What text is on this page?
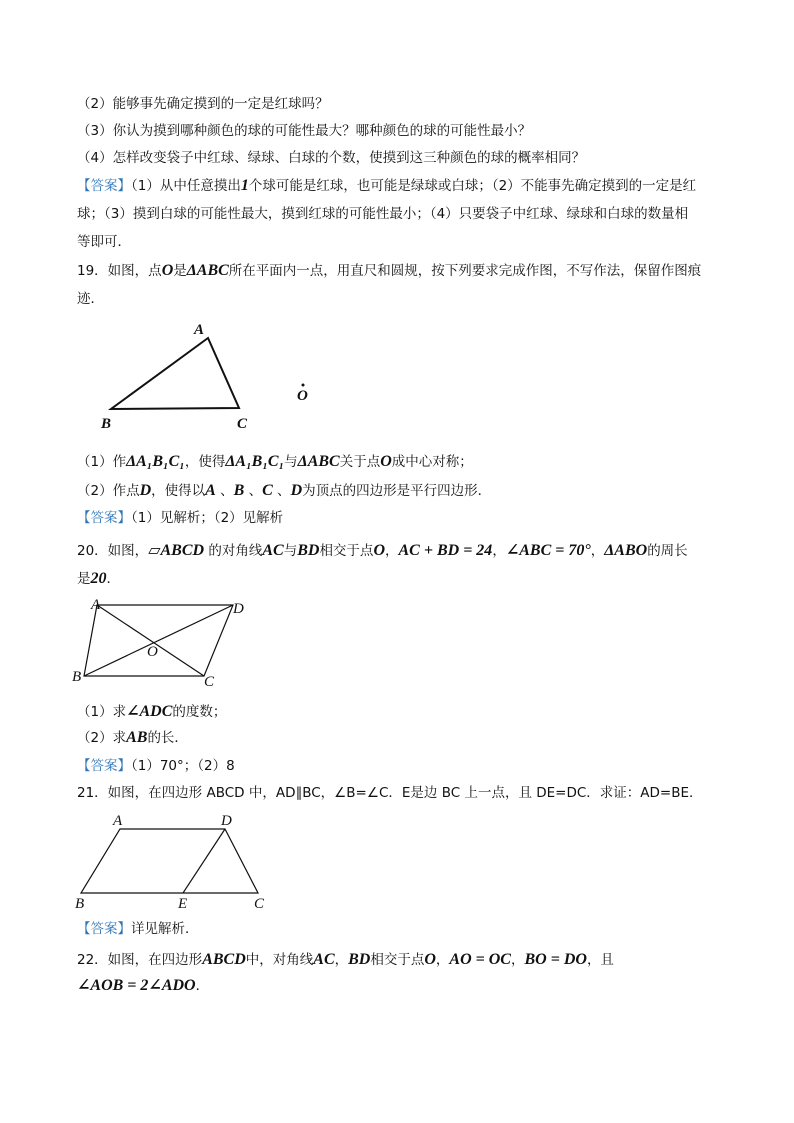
（2）能够事先确定摸到的一定是红球吗？
（3）你认为摸到哪种颜色的球的可能性最大？哪种颜色的球的可能性最小？
（4）怎样改变袋子中红球、绿球、白球的个数，使摸到这三种颜色的球的概率相同？
【答案】（1）从中任意摸出1个球可能是红球，也可能是绿球或白球；（2）不能事先确定摸到的一定是红
球；（3）摸到白球的可能性最大，摸到红球的可能性最小；（4）只要袋子中红球、绿球和白球的数量相
等即可．
19．如图，点O是ΔABC所在平面内一点，用直尺和圆规，按下列要求完成作图，不写作法，保留作图痕
迹．
（1）作ΔA₁B₁C₁，使得ΔA₁B₁C₁与ΔABC关于点O成中心对称；
（2）作点D，使得以A 、B 、C 、D为顶点的四边形是平行四边形．
【答案】（1）见解析；（2）见解析
20．如图，▱ABCD 的对角线AC与BD相交于点O，AC + BD = 24，∠ABC = 70°，ΔABO的周长
是20．
（1）求∠ADC的度数；
（2）求AB的长．
【答案】（1）70°；（2）8
21．如图，在四边形 ABCD 中，AD∥BC，∠B=∠C．E是边 BC 上一点，且 DE=DC．求证：AD=BE．
【答案】详见解析．
22．如图，在四边形ABCD中，对角线AC，BD相交于点O，AO = OC，BO = DO，且
∠AOB = 2∠ADO．
A
B	C
O
A	D
B	C
O
A	D
B	E	C
